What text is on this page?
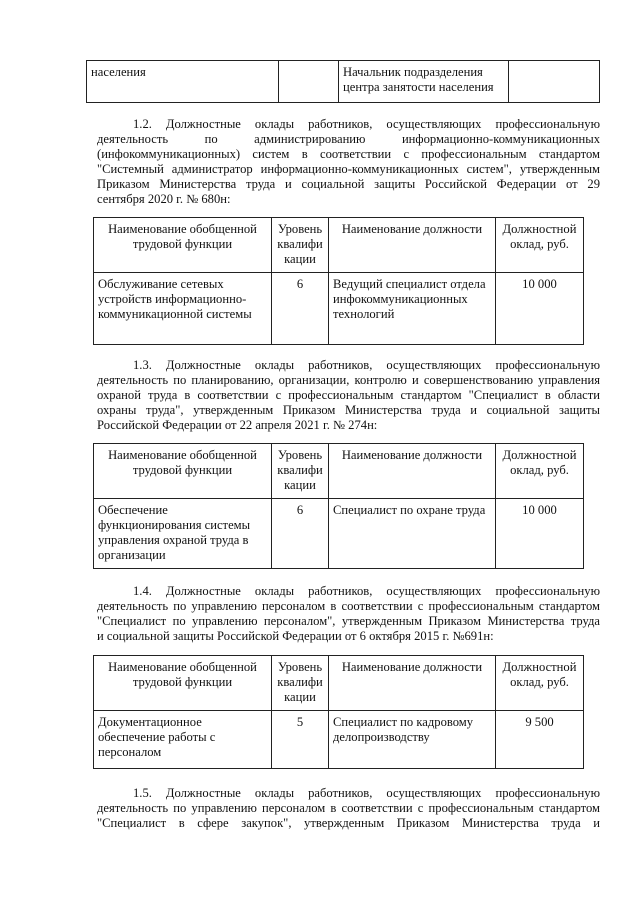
населения		Начальник подразделения
центра занятости населения

1.2. Должностные оклады работников, осуществляющих профессиональную
деятельность по администрированию информационно-коммуникационных
(инфокоммуникационных) систем в соответствии с профессиональным стандартом
"Системный администратор информационно-коммуникационных систем", утвержденным
Приказом Министерства труда и социальной защиты Российской Федерации от 29
сентября 2020 г. № 680н:
Наименование обобщенной трудовой функции	Уровень квалифи кации	Наименование должности	Должностной оклад, руб.
Обслуживание сетевых устройств информационно-коммуникационной системы	6	Ведущий специалист отдела инфокоммуникационных технологий	10 000
1.3. Должностные оклады работников, осуществляющих профессиональную
деятельность по планированию, организации, контролю и совершенствованию управления
охраной труда в соответствии с профессиональным стандартом "Специалист в области
охраны труда", утвержденным Приказом Министерства труда и социальной защиты
Российской Федерации от 22 апреля 2021 г. № 274н:
Наименование обобщенной трудовой функции	Уровень квалифи кации	Наименование должности	Должностной оклад, руб.
Обеспечение функционирования системы управления охраной труда в организации	6	Специалист по охране труда	10 000
1.4. Должностные оклады работников, осуществляющих профессиональную
деятельность по управлению персоналом в соответствии с профессиональным стандартом
"Специалист по управлению персоналом", утвержденным Приказом Министерства труда
и социальной защиты Российской Федерации от 6 октября 2015 г. №691н:
Наименование обобщенной трудовой функции	Уровень квалифи кации	Наименование должности	Должностной оклад, руб.
Документационное обеспечение работы с персоналом	5	Специалист по кадровому делопроизводству	9 500
1.5. Должностные оклады работников, осуществляющих профессиональную
деятельность по управлению персоналом в соответствии с профессиональным стандартом
"Специалист в сфере закупок", утвержденным Приказом Министерства труда и
